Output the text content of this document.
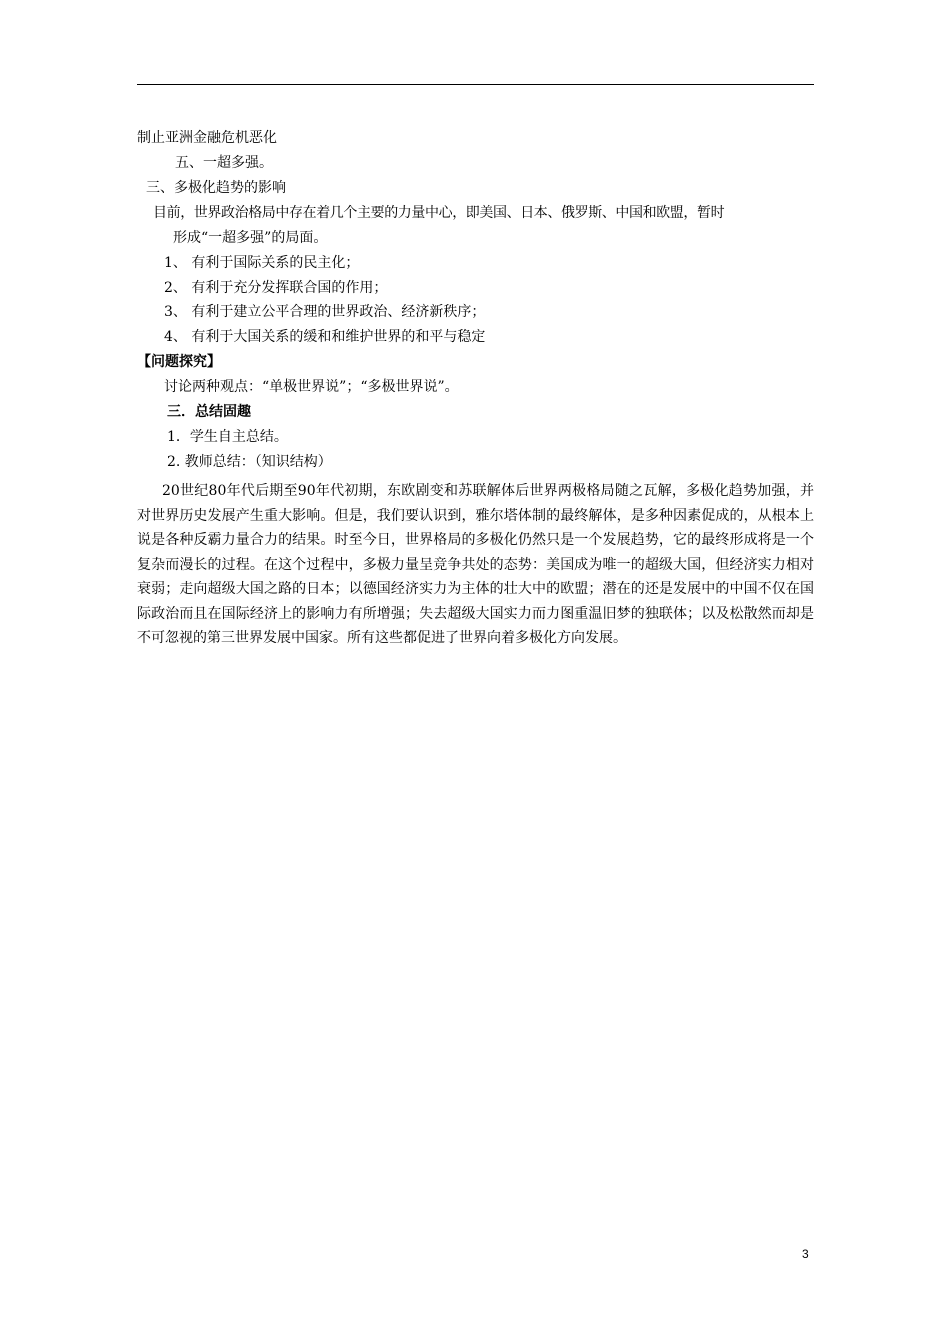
制止亚洲金融危机恶化
五、一超多强。
三、多极化趋势的影响
目前，世界政治格局中存在着几个主要的力量中心，即美国、日本、俄罗斯、中国和欧盟，暂时
形成“一超多强”的局面。
1、 有利于国际关系的民主化；
2、 有利于充分发挥联合国的作用；
3、 有利于建立公平合理的世界政治、经济新秩序；
4、 有利于大国关系的缓和和维护世界的和平与稳定
【问题探究】
讨论两种观点：“单极世界说”；“多极世界说”。
三．总结固趣
1．学生自主总结。
2. 教师总结：（知识结构）
20世纪80年代后期至90年代初期，东欧剧变和苏联解体后世界两极格局随之瓦解，多极化趋势加强，并对世界历史发展产生重大影响。但是，我们要认识到，雅尔塔体制的最终解体，是多种因素促成的，从根本上说是各种反霸力量合力的结果。时至今日，世界格局的多极化仍然只是一个发展趋势，它的最终形成将是一个复杂而漫长的过程。在这个过程中，多极力量呈竞争共处的态势：美国成为唯一的超级大国，但经济实力相对衰弱；走向超级大国之路的日本；以德国经济实力为主体的壮大中的欧盟；潜在的还是发展中的中国不仅在国际政治而且在国际经济上的影响力有所增强；失去超级大国实力而力图重温旧梦的独联体；以及松散然而却是不可忽视的第三世界发展中国家。所有这些都促进了世界向着多极化方向发展。
3
